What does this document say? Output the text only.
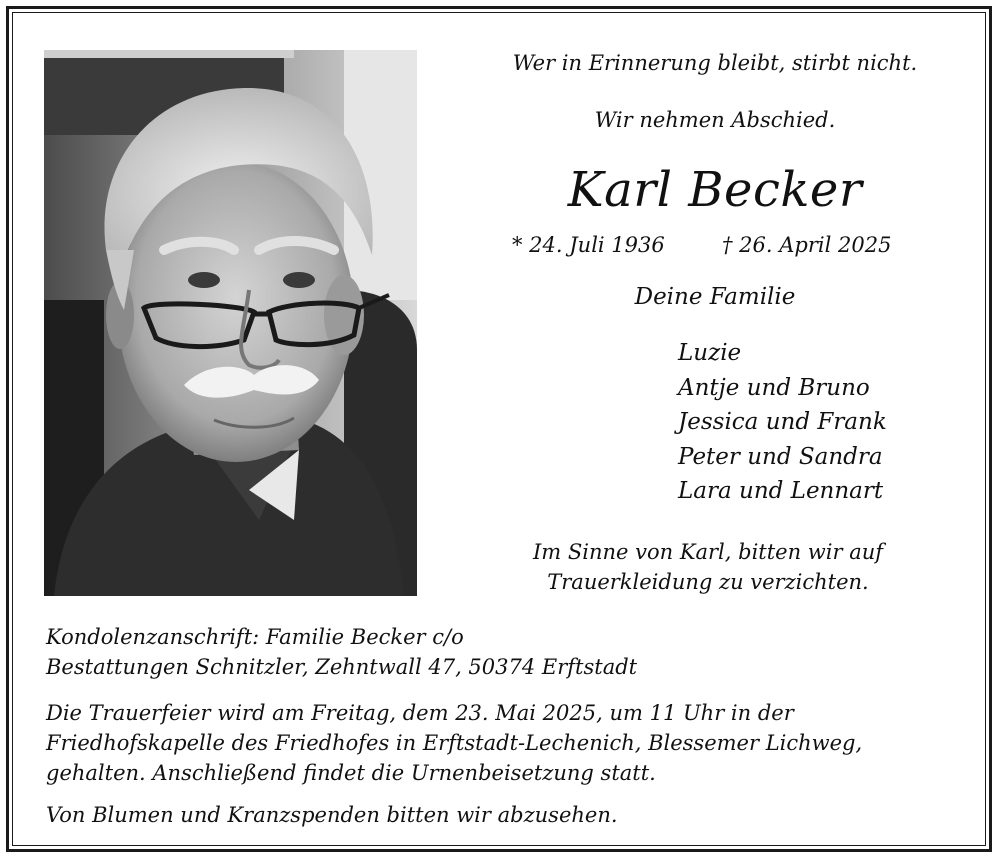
Wer in Erinnerung bleibt, stirbt nicht.
Wir nehmen Abschied.
Karl Becker
* 24. Juli 1936	† 26. April 2025
Deine Familie
Luzie
Antje und Bruno
Jessica und Frank
Peter und Sandra
Lara und Lennart
Im Sinne von Karl, bitten wir auf
Trauerkleidung zu verzichten.
Kondolenzanschrift: Familie Becker c/o
Bestattungen Schnitzler, Zehntwall 47, 50374 Erftstadt
Die Trauerfeier wird am Freitag, dem 23. Mai 2025, um 11 Uhr in der
Friedhofskapelle des Friedhofes in Erftstadt-Lechenich, Blessemer Lichweg,
gehalten. Anschließend findet die Urnenbeisetzung statt.
Von Blumen und Kranzspenden bitten wir abzusehen.
